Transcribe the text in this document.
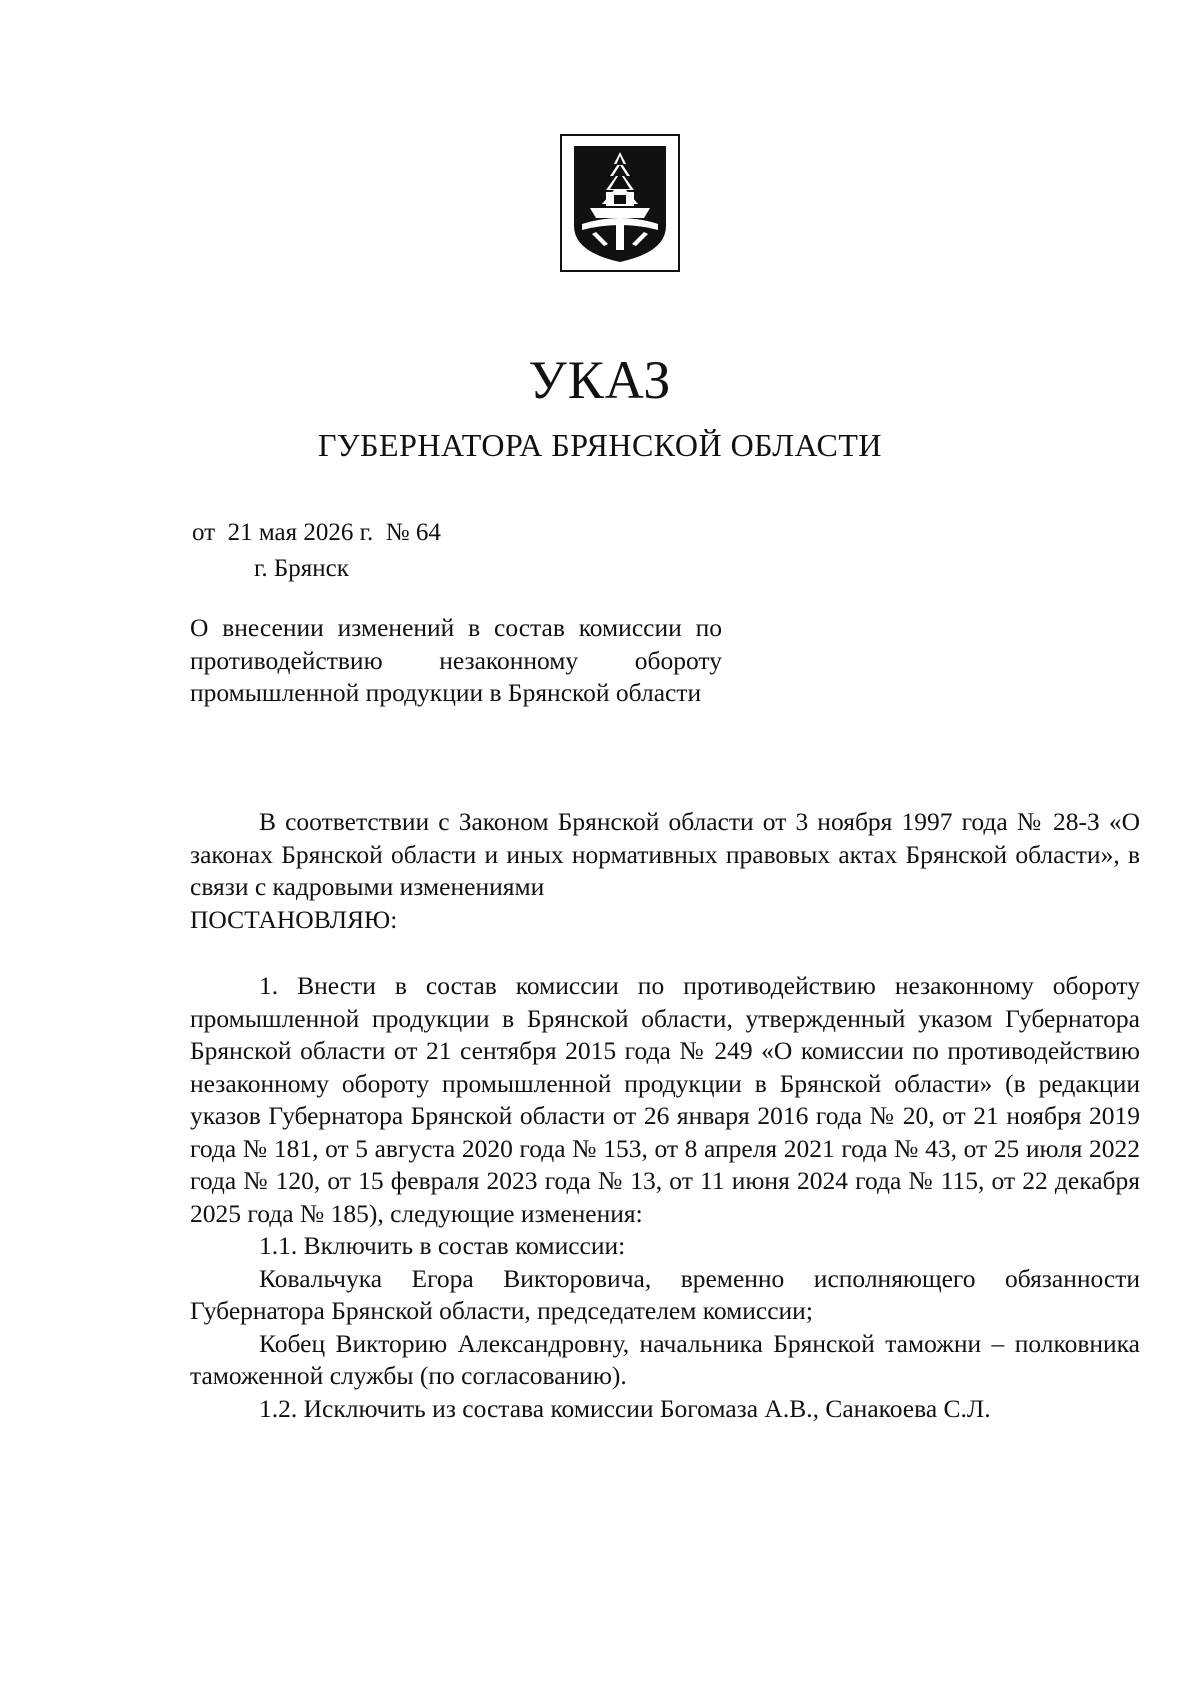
УКАЗ
ГУБЕРНАТОРА БРЯНСКОЙ ОБЛАСТИ
от  21 мая 2026 г.  № 64
г. Брянск
О внесении изменений в состав комиссии по противодействию незаконному обороту промышленной продукции в Брянской области

В соответствии с Законом Брянской области от 3 ноября 1997 года № 28-З «О законах Брянской области и иных нормативных правовых актах Брянской области», в связи с кадровыми изменениями

ПОСТАНОВЛЯЮ:

1. Внести в состав комиссии по противодействию незаконному обороту промышленной продукции в Брянской области, утвержденный указом Губернатора Брянской области от 21 сентября 2015 года № 249 «О комиссии по противодействию незаконному обороту промышленной продукции в Брянской области» (в редакции указов Губернатора Брянской области от 26 января 2016 года № 20, от 21 ноября 2019 года № 181, от 5 августа 2020 года № 153, от 8 апреля 2021 года № 43, от 25 июля 2022 года № 120, от 15 февраля 2023 года № 13, от 11 июня 2024 года № 115, от 22 декабря 2025 года № 185), следующие изменения:

1.1. Включить в состав комиссии:

Ковальчука Егора Викторовича, временно исполняющего обязанности Губернатора Брянской области, председателем комиссии;

Кобец Викторию Александровну, начальника Брянской таможни – полковника таможенной службы (по согласованию).

1.2. Исключить из состава комиссии Богомаза А.В., Санакоева С.Л.
